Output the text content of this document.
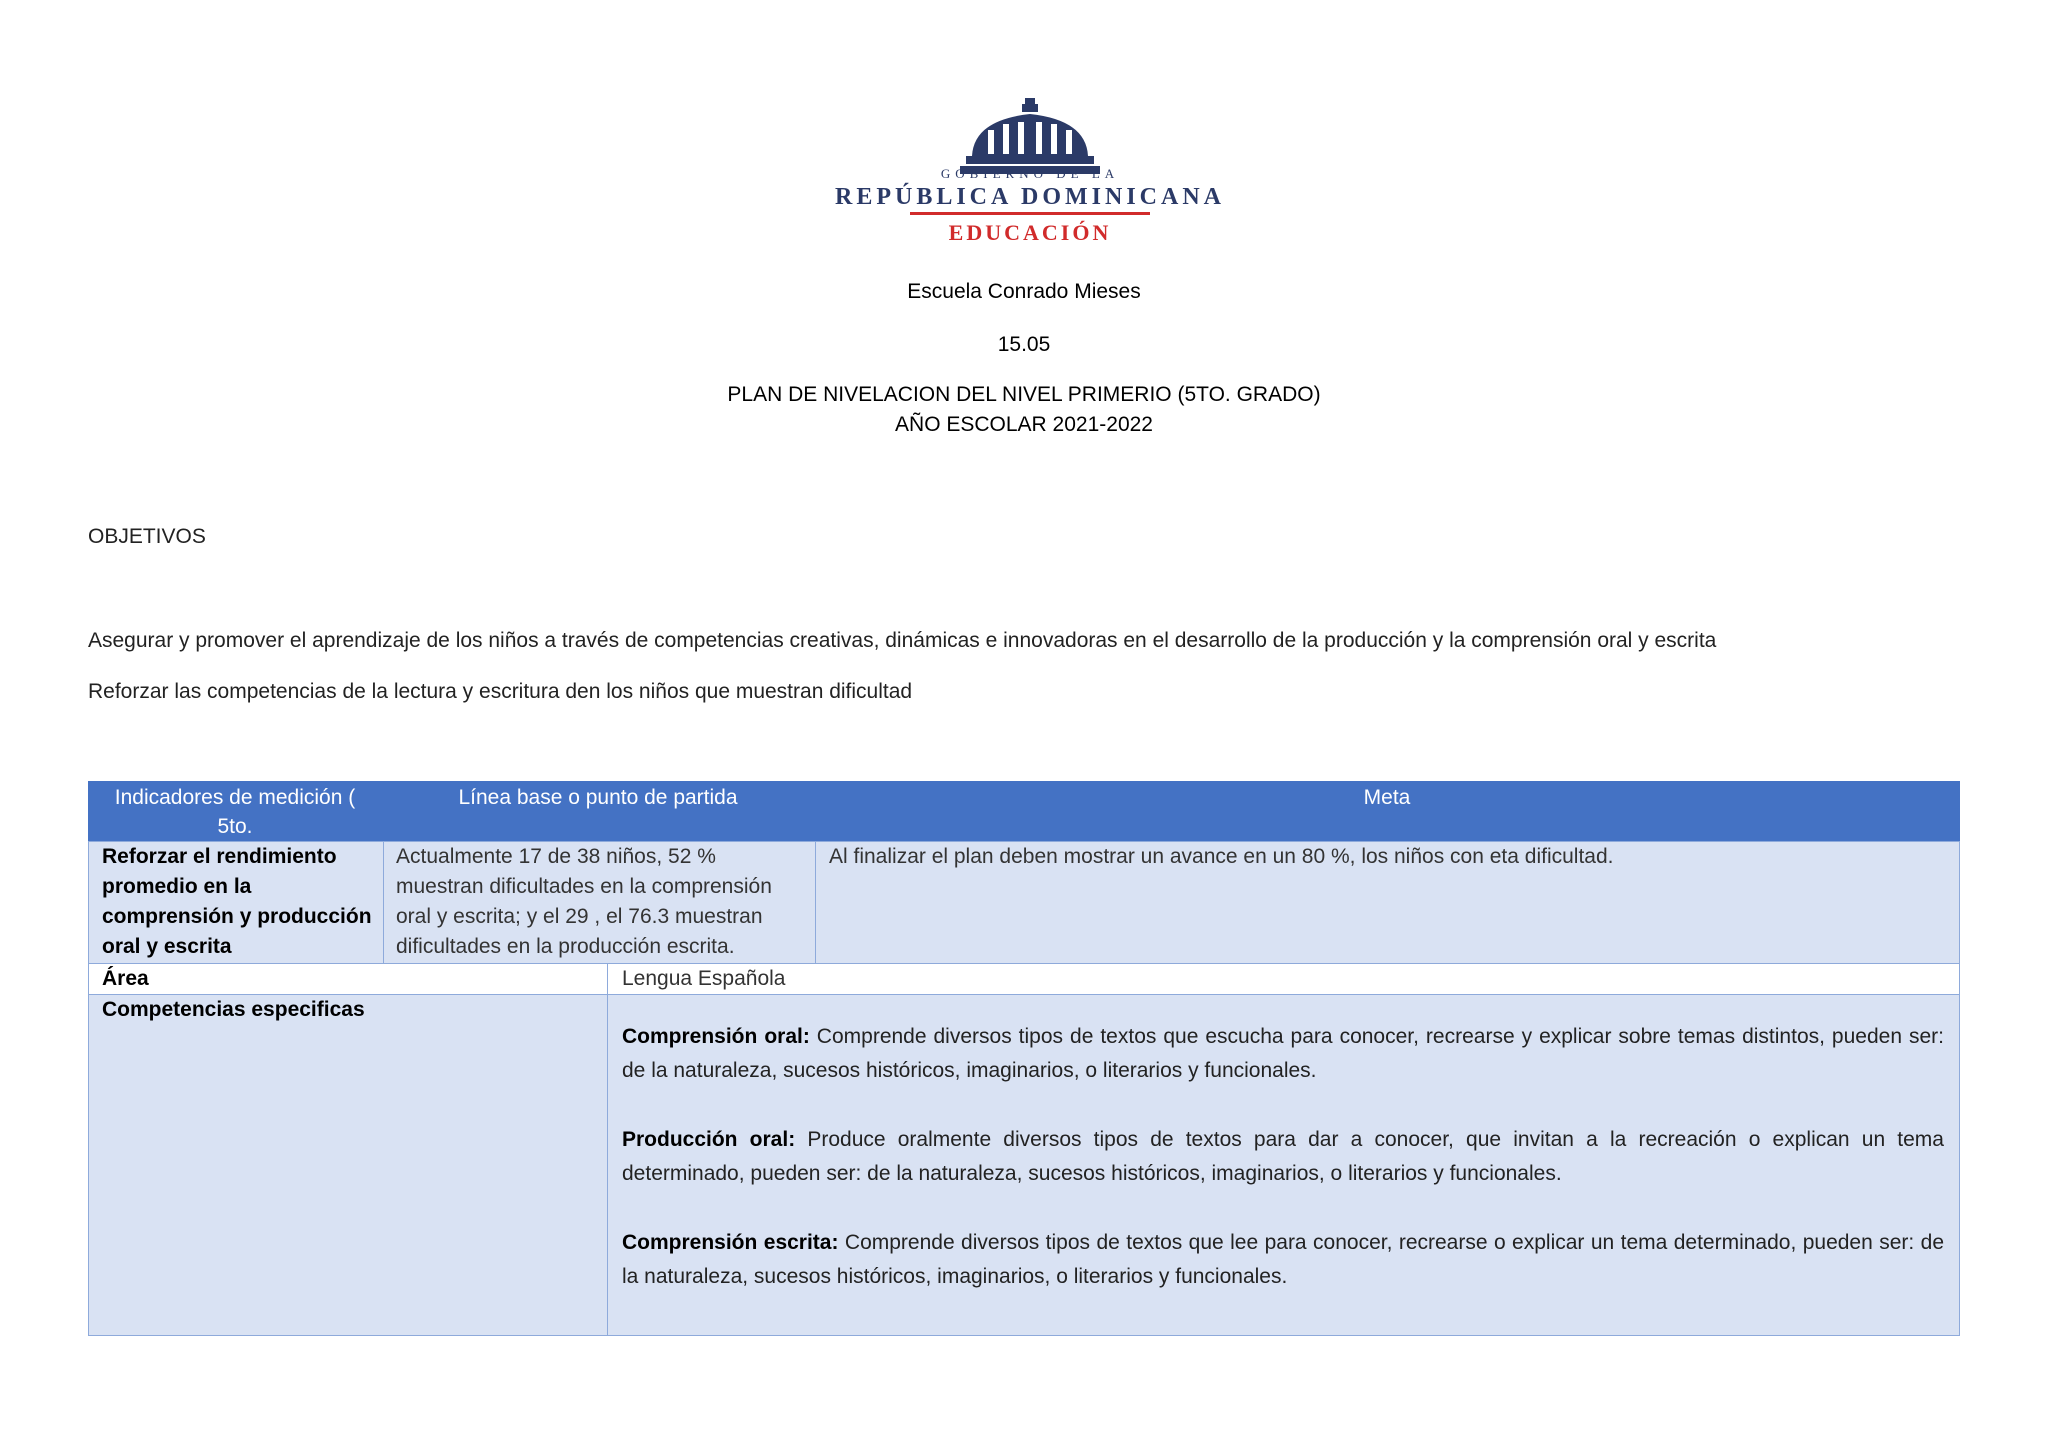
GOBIERNO DE LA
REPÚBLICA DOMINICANA
EDUCACIÓN
Escuela Conrado Mieses
15.05
PLAN DE NIVELACION DEL NIVEL PRIMERIO (5TO. GRADO)
AÑO ESCOLAR 2021-2022
OBJETIVOS
Asegurar y promover el aprendizaje de los niños a través de competencias creativas, dinámicas e innovadoras en el desarrollo de la producción y la comprensión oral y escrita
Reforzar las competencias de la lectura y escritura den los niños que muestran dificultad
Indicadores de medición (
5to.
Línea base o punto de partida	Meta
Reforzar el rendimiento
promedio en la
comprensión y producción
oral y escrita
Actualmente 17 de 38 niños, 52 %
muestran dificultades en la comprensión
oral y escrita; y el 29 , el 76.3 muestran
dificultades en la producción escrita.
Al finalizar el plan deben mostrar un avance en un 80 %, los niños con eta dificultad.
Área	Lengua Española
Competencias especificas
Comprensión oral: Comprende diversos tipos de textos que escucha para conocer, recrearse y explicar sobre temas distintos, pueden ser: de la naturaleza, sucesos históricos, imaginarios, o literarios y funcionales.
Producción oral: Produce oralmente diversos tipos de textos para dar a conocer, que invitan a la recreación o explican un tema determinado, pueden ser: de la naturaleza, sucesos históricos, imaginarios, o literarios y funcionales.
Comprensión escrita: Comprende diversos tipos de textos que lee para conocer, recrearse o explicar un tema determinado, pueden ser: de la naturaleza, sucesos históricos, imaginarios, o literarios y funcionales.
